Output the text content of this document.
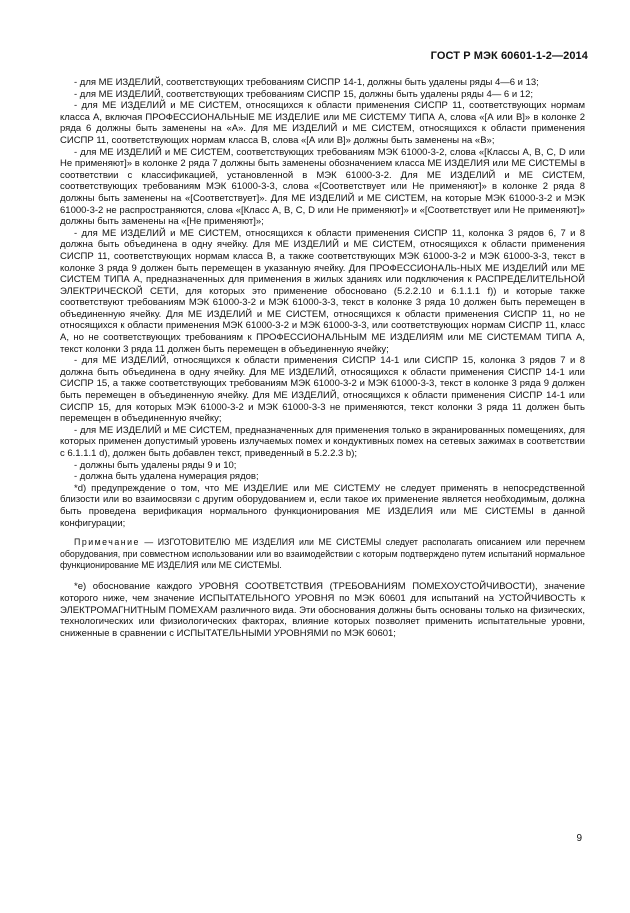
ГОСТ Р МЭК 60601-1-2—2014

- для МЕ ИЗДЕЛИЙ, соответствующих требованиям СИСПР 14-1, должны быть удалены ряды 4—6 и 13;

- для МЕ ИЗДЕЛИЙ, соответствующих требованиям СИСПР 15, должны быть удалены ряды 4— 6 и 12;

- для МЕ ИЗДЕЛИЙ и МЕ СИСТЕМ, относящихся к области применения СИСПР 11, соответствующих нормам класса А, включая ПРОФЕССИОНАЛЬНЫЕ МЕ ИЗДЕЛИЕ или МЕ СИСТЕМУ ТИПА А, слова «[А или В]» в колонке 2 ряда 6 должны быть заменены на «А». Для МЕ ИЗДЕЛИЙ и МЕ СИСТЕМ, относящихся к области применения СИСПР 11, соответствующих нормам класса В, слова «[А или В]» должны быть заменены на «В»;

- для МЕ ИЗДЕЛИЙ и МЕ СИСТЕМ, соответствующих требованиям МЭК 61000-3-2, слова «[Классы А, В, С, D или Не применяют]» в колонке 2 ряда 7 должны быть заменены обозначением класса МЕ ИЗДЕЛИЯ или МЕ СИСТЕМЫ в соответствии с классификацией, установленной в МЭК 61000-3-2. Для МЕ ИЗДЕЛИЙ и МЕ СИСТЕМ, соответствующих требованиям МЭК 61000-3-3, слова «[Соответствует или Не применяют]» в колонке 2 ряда 8 должны быть заменены на «[Соответствует]». Для МЕ ИЗДЕЛИЙ и МЕ СИСТЕМ, на которые МЭК 61000-3-2 и МЭК 61000-3-2 не распространяются, слова «[Класс А, В, С, D или Не применяют]» и «[Соответствует или Не применяют]» должны быть заменены на «[Не применяют]»;

- для МЕ ИЗДЕЛИЙ и МЕ СИСТЕМ, относящихся к области применения СИСПР 11, колонка 3 рядов 6, 7 и 8 должна быть объединена в одну ячейку. Для МЕ ИЗДЕЛИЙ и МЕ СИСТЕМ, относящихся к области применения СИСПР 11, соответствующих нормам класса В, а также соответствующих МЭК 61000-3-2 и МЭК 61000-3-3, текст в колонке 3 ряда 9 должен быть перемещен в указанную ячейку. Для ПРОФЕССИОНАЛЬ-НЫХ МЕ ИЗДЕЛИЙ или МЕ СИСТЕМ ТИПА А, предназначенных для применения в жилых зданиях или подключения к РАСПРЕДЕЛИТЕЛЬНОЙ ЭЛЕКТРИЧЕСКОЙ СЕТИ, для которых это применение обосновано (5.2.2.10 и 6.1.1.1 f)) и которые также соответствуют требованиям МЭК 61000-3-2 и МЭК 61000-3-3, текст в колонке 3 ряда 10 должен быть перемещен в объединенную ячейку. Для МЕ ИЗДЕЛИЙ и МЕ СИСТЕМ, относящихся к области применения СИСПР 11, но не относящихся к области применения МЭК 61000-3-2 и МЭК 61000-3-3, или соответствующих нормам СИСПР 11, класс А, но не соответствующих требованиям к ПРОФЕССИОНАЛЬНЫМ МЕ ИЗДЕЛИЯМ или МЕ СИСТЕМАМ ТИПА А, текст колонки 3 ряда 11 должен быть перемещен в объединенную ячейку;

- для МЕ ИЗДЕЛИЙ, относящихся к области применения СИСПР 14-1 или СИСПР 15, колонка 3 рядов 7 и 8 должна быть объединена в одну ячейку. Для МЕ ИЗДЕЛИЙ, относящихся к области применения СИСПР 14-1 или СИСПР 15, а также соответствующих требованиям МЭК 61000-3-2 и МЭК 61000-3-3, текст в колонке 3 ряда 9 должен быть перемещен в объединенную ячейку. Для МЕ ИЗДЕЛИЙ, относящихся к области применения СИСПР 14-1 или СИСПР 15, для которых МЭК 61000-3-2 и МЭК 61000-3-3 не применяются, текст колонки 3 ряда 11 должен быть перемещен в объединенную ячейку;

- для МЕ ИЗДЕЛИЙ и МЕ СИСТЕМ, предназначенных для применения только в экранированных помещениях, для которых применен допустимый уровень излучаемых помех и кондуктивных помех на сетевых зажимах в соответствии с 6.1.1.1 d), должен быть добавлен текст, приведенный в 5.2.2.3 b);

- должны быть удалены ряды 9 и 10;

- должна быть удалена нумерация рядов;

*d) предупреждение о том, что МЕ ИЗДЕЛИЕ или МЕ СИСТЕМУ не следует применять в непосредственной близости или во взаимосвязи с другим оборудованием и, если такое их применение является необходимым, должна быть проведена верификация нормального функционирования МЕ ИЗДЕЛИЯ или МЕ СИСТЕМЫ в данной конфигурации;

Примечание — ИЗГОТОВИТЕЛЮ МЕ ИЗДЕЛИЯ или МЕ СИСТЕМЫ следует располагать описанием или перечнем оборудования, при совместном использовании или во взаимодействии с которым подтверждено путем испытаний нормальное функционирование МЕ ИЗДЕЛИЯ или МЕ СИСТЕМЫ.

*e) обоснование каждого УРОВНЯ СООТВЕТСТВИЯ (ТРЕБОВАНИЯМ ПОМЕХОУСТОЙЧИВОСТИ), значение которого ниже, чем значение ИСПЫТАТЕЛЬНОГО УРОВНЯ по МЭК 60601 для испытаний на УСТОЙЧИВОСТЬ к ЭЛЕКТРОМАГНИТНЫМ ПОМЕХАМ различного вида. Эти обоснования должны быть основаны только на физических, технологических или физиологических факторах, влияние которых позволяет применить испытательные уровни, сниженные в сравнении с ИСПЫТАТЕЛЬНЫМИ УРОВНЯМИ по МЭК 60601;

9
